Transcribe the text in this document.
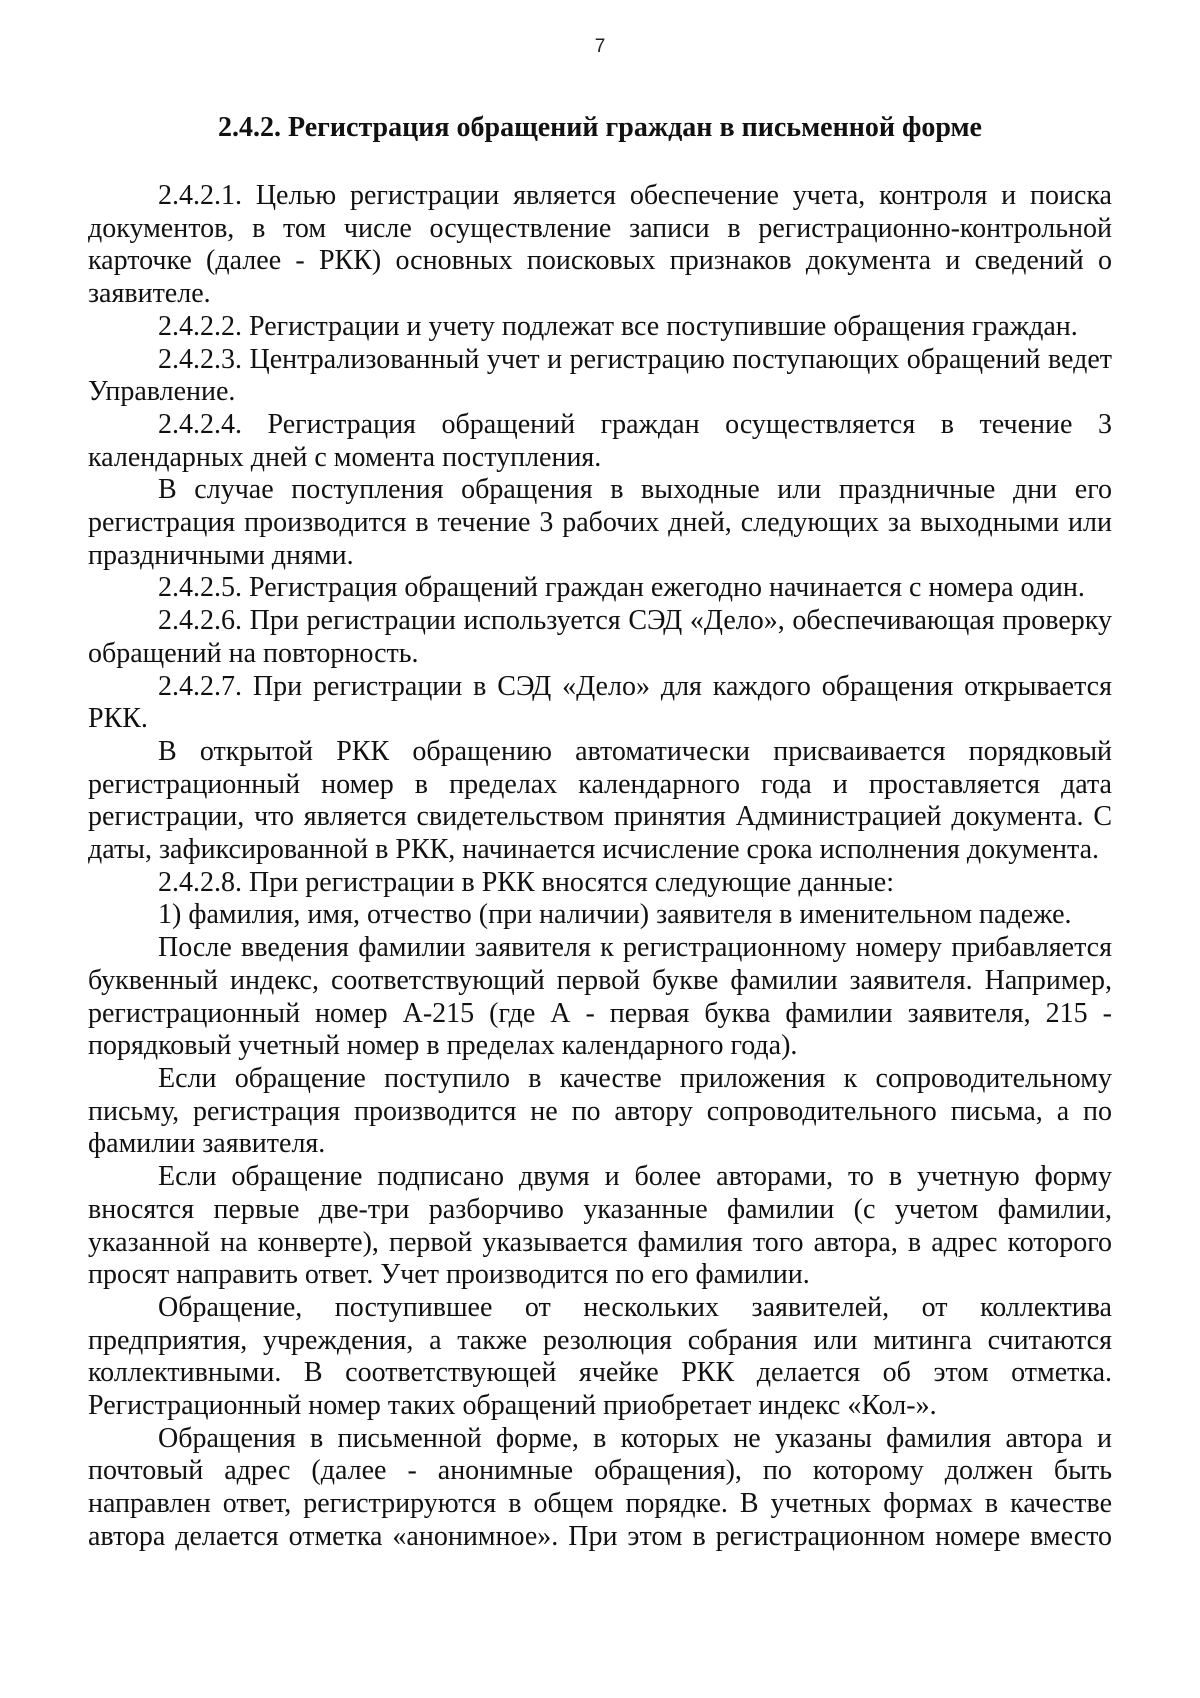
7
2.4.2. Регистрация обращений граждан в письменной форме

2.4.2.1. Целью регистрации является обеспечение учета, контроля и поиска документов, в том числе осуществление записи в регистрационно-контрольной карточке (далее - РКК) основных поисковых признаков документа и сведений о заявителе.

2.4.2.2. Регистрации и учету подлежат все поступившие обращения граждан.

2.4.2.3. Централизованный учет и регистрацию поступающих обращений ведет Управление.

2.4.2.4. Регистрация обращений граждан осуществляется в течение 3 календарных дней с момента поступления.

В случае поступления обращения в выходные или праздничные дни его регистрация производится в течение 3 рабочих дней, следующих за выходными или праздничными днями.

2.4.2.5. Регистрация обращений граждан ежегодно начинается с номера один.

2.4.2.6. При регистрации используется СЭД «Дело», обеспечивающая проверку обращений на повторность.

2.4.2.7. При регистрации в СЭД «Дело» для каждого обращения открывается РКК.

В открытой РКК обращению автоматически присваивается порядковый регистрационный номер в пределах календарного года и проставляется дата регистрации, что является свидетельством принятия Администрацией документа. С даты, зафиксированной в РКК, начинается исчисление срока исполнения документа.

2.4.2.8. При регистрации в РКК вносятся следующие данные:

1) фамилия, имя, отчество (при наличии) заявителя в именительном падеже.

После введения фамилии заявителя к регистрационному номеру прибавляется буквенный индекс, соответствующий первой букве фамилии заявителя. Например, регистрационный номер А-215 (где А - первая буква фамилии заявителя, 215 - порядковый учетный номер в пределах календарного года).

Если обращение поступило в качестве приложения к сопроводительному письму, регистрация производится не по автору сопроводительного письма, а по фамилии заявителя.

Если обращение подписано двумя и более авторами, то в учетную форму вносятся первые две-три разборчиво указанные фамилии (с учетом фамилии, указанной на конверте), первой указывается фамилия того автора, в адрес которого просят направить ответ. Учет производится по его фамилии.

Обращение, поступившее от нескольких заявителей, от коллектива предприятия, учреждения, а также резолюция собрания или митинга считаются коллективными. В соответствующей ячейке РКК делается об этом отметка. Регистрационный номер таких обращений приобретает индекс «Кол-».

Обращения в письменной форме, в которых не указаны фамилия автора и почтовый адрес (далее - анонимные обращения), по которому должен быть направлен ответ, регистрируются в общем порядке. В учетных формах в качестве автора делается отметка «анонимное». При этом в регистрационном номере вместо
